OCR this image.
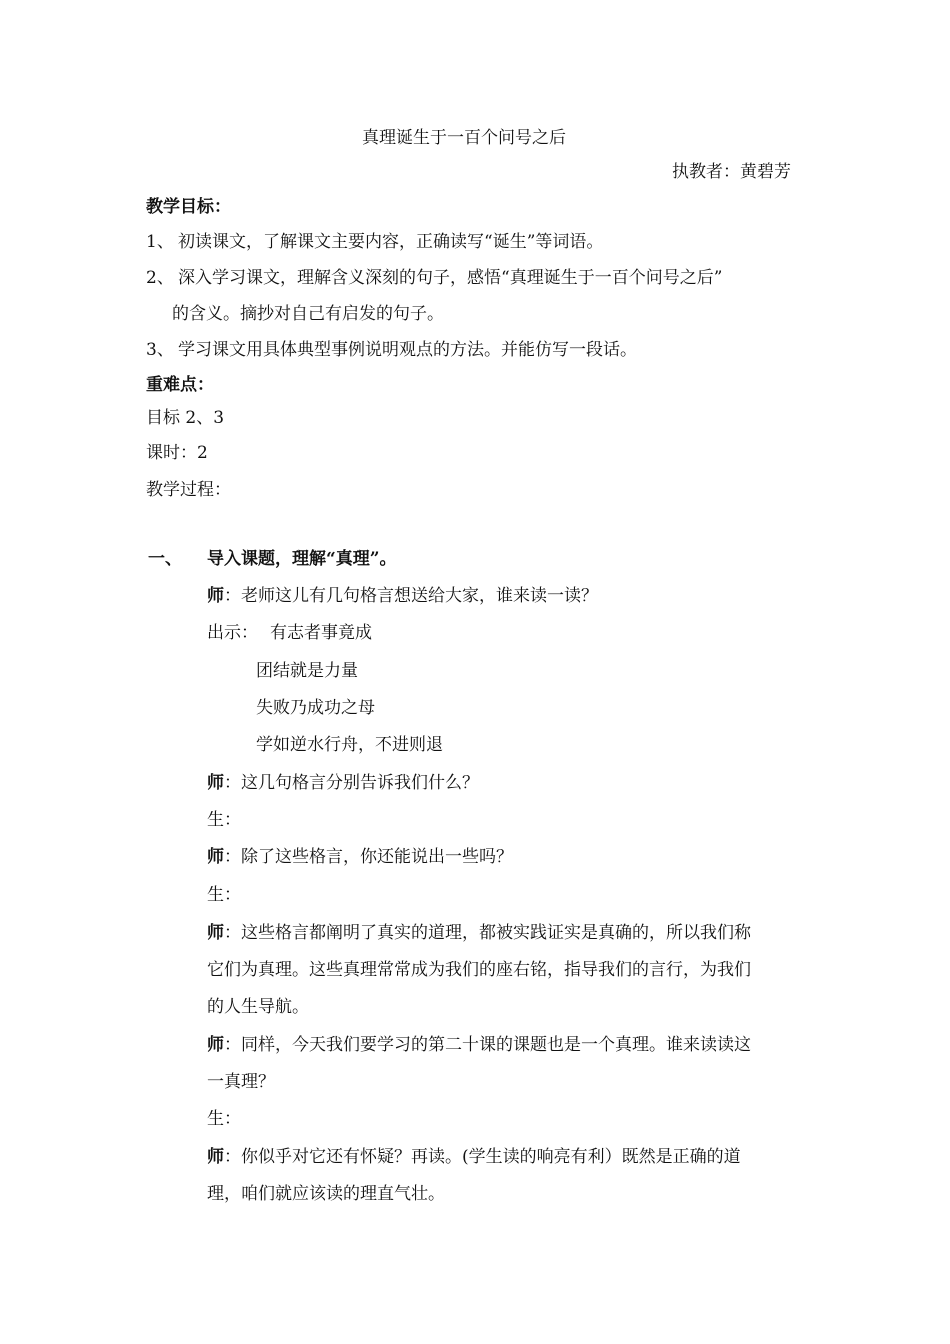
真理诞生于一百个问号之后
执教者：黄碧芳
教学目标：
1、 初读课文，了解课文主要内容，正确读写“诞生”等词语。
2、 深入学习课文，理解含义深刻的句子，感悟“真理诞生于一百个问号之后”
的含义。摘抄对自己有启发的句子。
3、 学习课文用具体典型事例说明观点的方法。并能仿写一段话。
重难点：
目标 2、3
课时：2
教学过程：
一、 导入课题，理解“真理”。
师：老师这儿有几句格言想送给大家，谁来读一读？
出示： 有志者事竟成
团结就是力量
失败乃成功之母
学如逆水行舟，不进则退
师：这几句格言分别告诉我们什么？
生：
师：除了这些格言，你还能说出一些吗？
生：
师：这些格言都阐明了真实的道理，都被实践证实是真确的，所以我们称
它们为真理。这些真理常常成为我们的座右铭，指导我们的言行，为我们
的人生导航。
师：同样，今天我们要学习的第二十课的课题也是一个真理。谁来读读这
一真理？
生：
师：你似乎对它还有怀疑？再读。(学生读的响亮有利）既然是正确的道
理，咱们就应该读的理直气壮。
